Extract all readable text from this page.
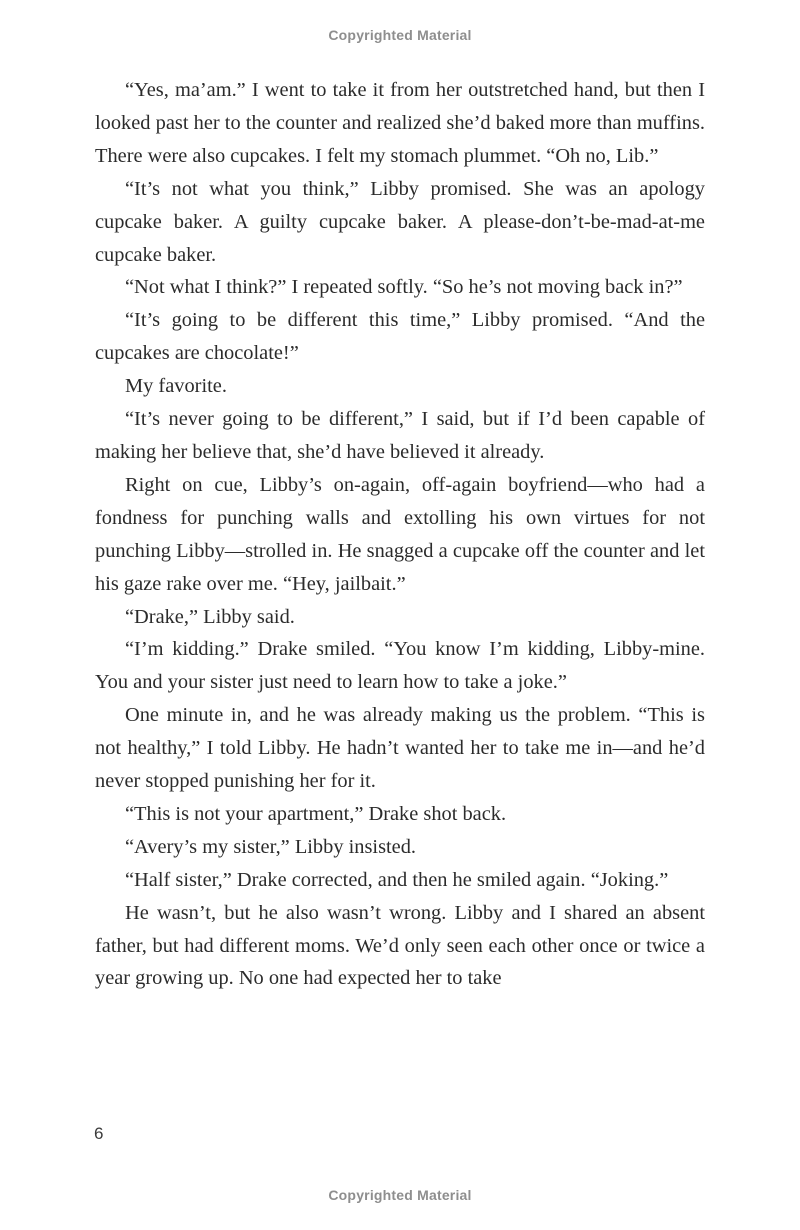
Copyrighted Material

“Yes, ma’am.” I went to take it from her outstretched hand, but then I looked past her to the counter and realized she’d baked more than muffins. There were also cupcakes. I felt my stomach plummet. “Oh no, Lib.”

“It’s not what you think,” Libby promised. She was an apology cupcake baker. A guilty cupcake baker. A please-don’t-be-mad-at-me cupcake baker.

“Not what I think?” I repeated softly. “So he’s not moving back in?”

“It’s going to be different this time,” Libby promised. “And the cupcakes are chocolate!”

My favorite.

“It’s never going to be different,” I said, but if I’d been capable of making her believe that, she’d have believed it already.

Right on cue, Libby’s on-again, off-again boyfriend—who had a fondness for punching walls and extolling his own virtues for not punching Libby—strolled in. He snagged a cupcake off the counter and let his gaze rake over me. “Hey, jailbait.”

“Drake,” Libby said.

“I’m kidding.” Drake smiled. “You know I’m kidding, Libby-mine. You and your sister just need to learn how to take a joke.”

One minute in, and he was already making us the problem. “This is not healthy,” I told Libby. He hadn’t wanted her to take me in—and he’d never stopped punishing her for it.

“This is not your apartment,” Drake shot back.

“Avery’s my sister,” Libby insisted.

“Half sister,” Drake corrected, and then he smiled again. “Joking.”

He wasn’t, but he also wasn’t wrong. Libby and I shared an absent father, but had different moms. We’d only seen each other once or twice a year growing up. No one had expected her to take

6
Copyrighted Material
